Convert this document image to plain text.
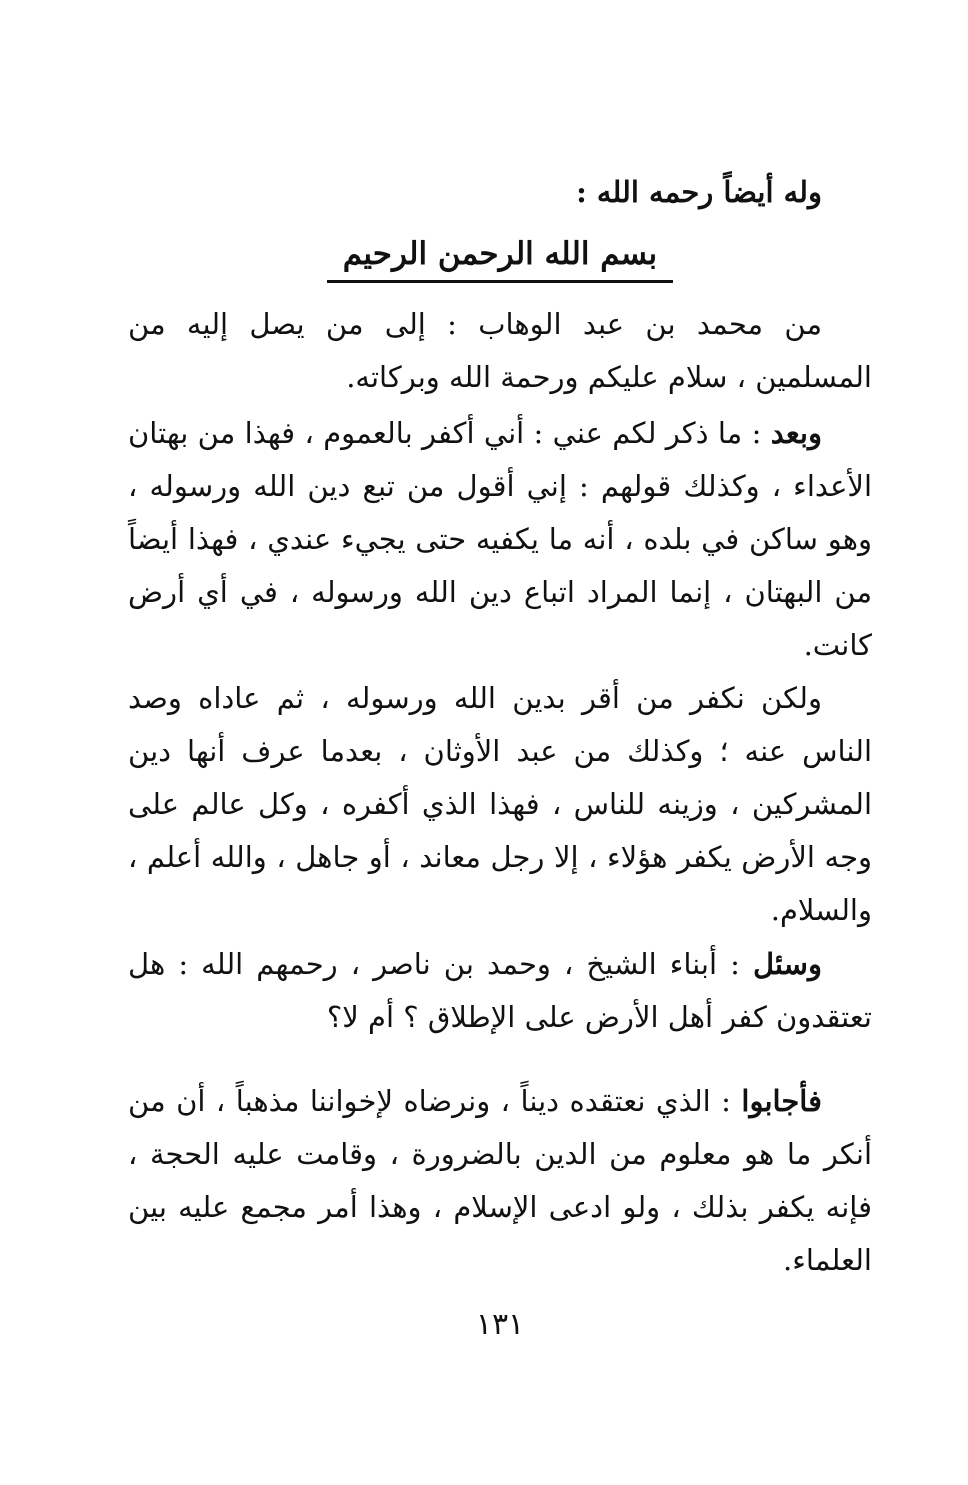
وله أيضاً رحمه الله :
بسم الله الرحمن الرحيم

من محمد بن عبد الوهاب : إلى من يصل إليه من المسلمين ، سلام عليكم ورحمة الله وبركاته.

وبعد : ما ذكر لكم عني : أني أكفر بالعموم ، فهذا من بهتان الأعداء ، وكذلك قولهم : إني أقول من تبع دين الله ورسوله ، وهو ساكن في بلده ، أنه ما يكفيه حتى يجيء عندي ، فهذا أيضاً من البهتان ، إنما المراد اتباع دين الله ورسوله ، في أي أرض كانت.

ولكن نكفر من أقر بدين الله ورسوله ، ثم عاداه وصد الناس عنه ؛ وكذلك من عبد الأوثان ، بعدما عرف أنها دين المشركين ، وزينه للناس ، فهذا الذي أكفره ، وكل عالم على وجه الأرض يكفر هؤلاء ، إلا رجل معاند ، أو جاهل ، والله أعلم ، والسلام.

وسئل : أبناء الشيخ ، وحمد بن ناصر ، رحمهم الله : هل تعتقدون كفر أهل الأرض على الإطلاق ؟ أم لا؟

فأجابوا : الذي نعتقده ديناً ، ونرضاه لإخواننا مذهباً ، أن من أنكر ما هو معلوم من الدين بالضرورة ، وقامت عليه الحجة ، فإنه يكفر بذلك ، ولو ادعى الإسلام ، وهذا أمر مجمع عليه بين العلماء.

١٣١
